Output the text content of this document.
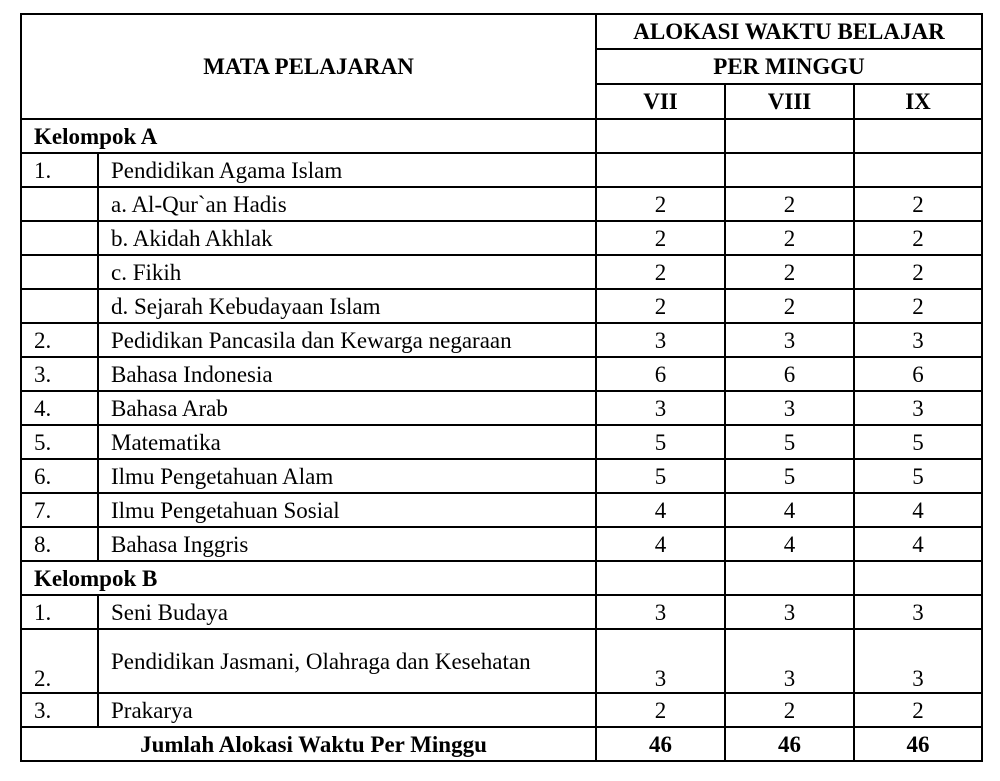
MATA PELAJARAN		ALOKASI WAKTU BELAJAR		
		PER MINGGU		
		VII	VIII	IX
Kelompok A				
1.	Pendidikan Agama Islam			
	a. Al-Qur`an Hadis	2	2	2
	b. Akidah Akhlak	2	2	2
	c. Fikih	2	2	2
	d. Sejarah Kebudayaan Islam	2	2	2
2.	Pedidikan Pancasila dan Kewarga negaraan	3	3	3
3.	Bahasa Indonesia	6	6	6
4.	Bahasa Arab	3	3	3
5.	Matematika	5	5	5
6.	Ilmu Pengetahuan Alam	5	5	5
7.	Ilmu Pengetahuan Sosial	4	4	4
8.	Bahasa Inggris	4	4	4
Kelompok B				
1.	Seni Budaya	3	3	3
2.	Pendidikan Jasmani, Olahraga dan Kesehatan	3	3	3
3.	Prakarya	2	2	2
Jumlah Alokasi Waktu Per Minggu		46	46	46
